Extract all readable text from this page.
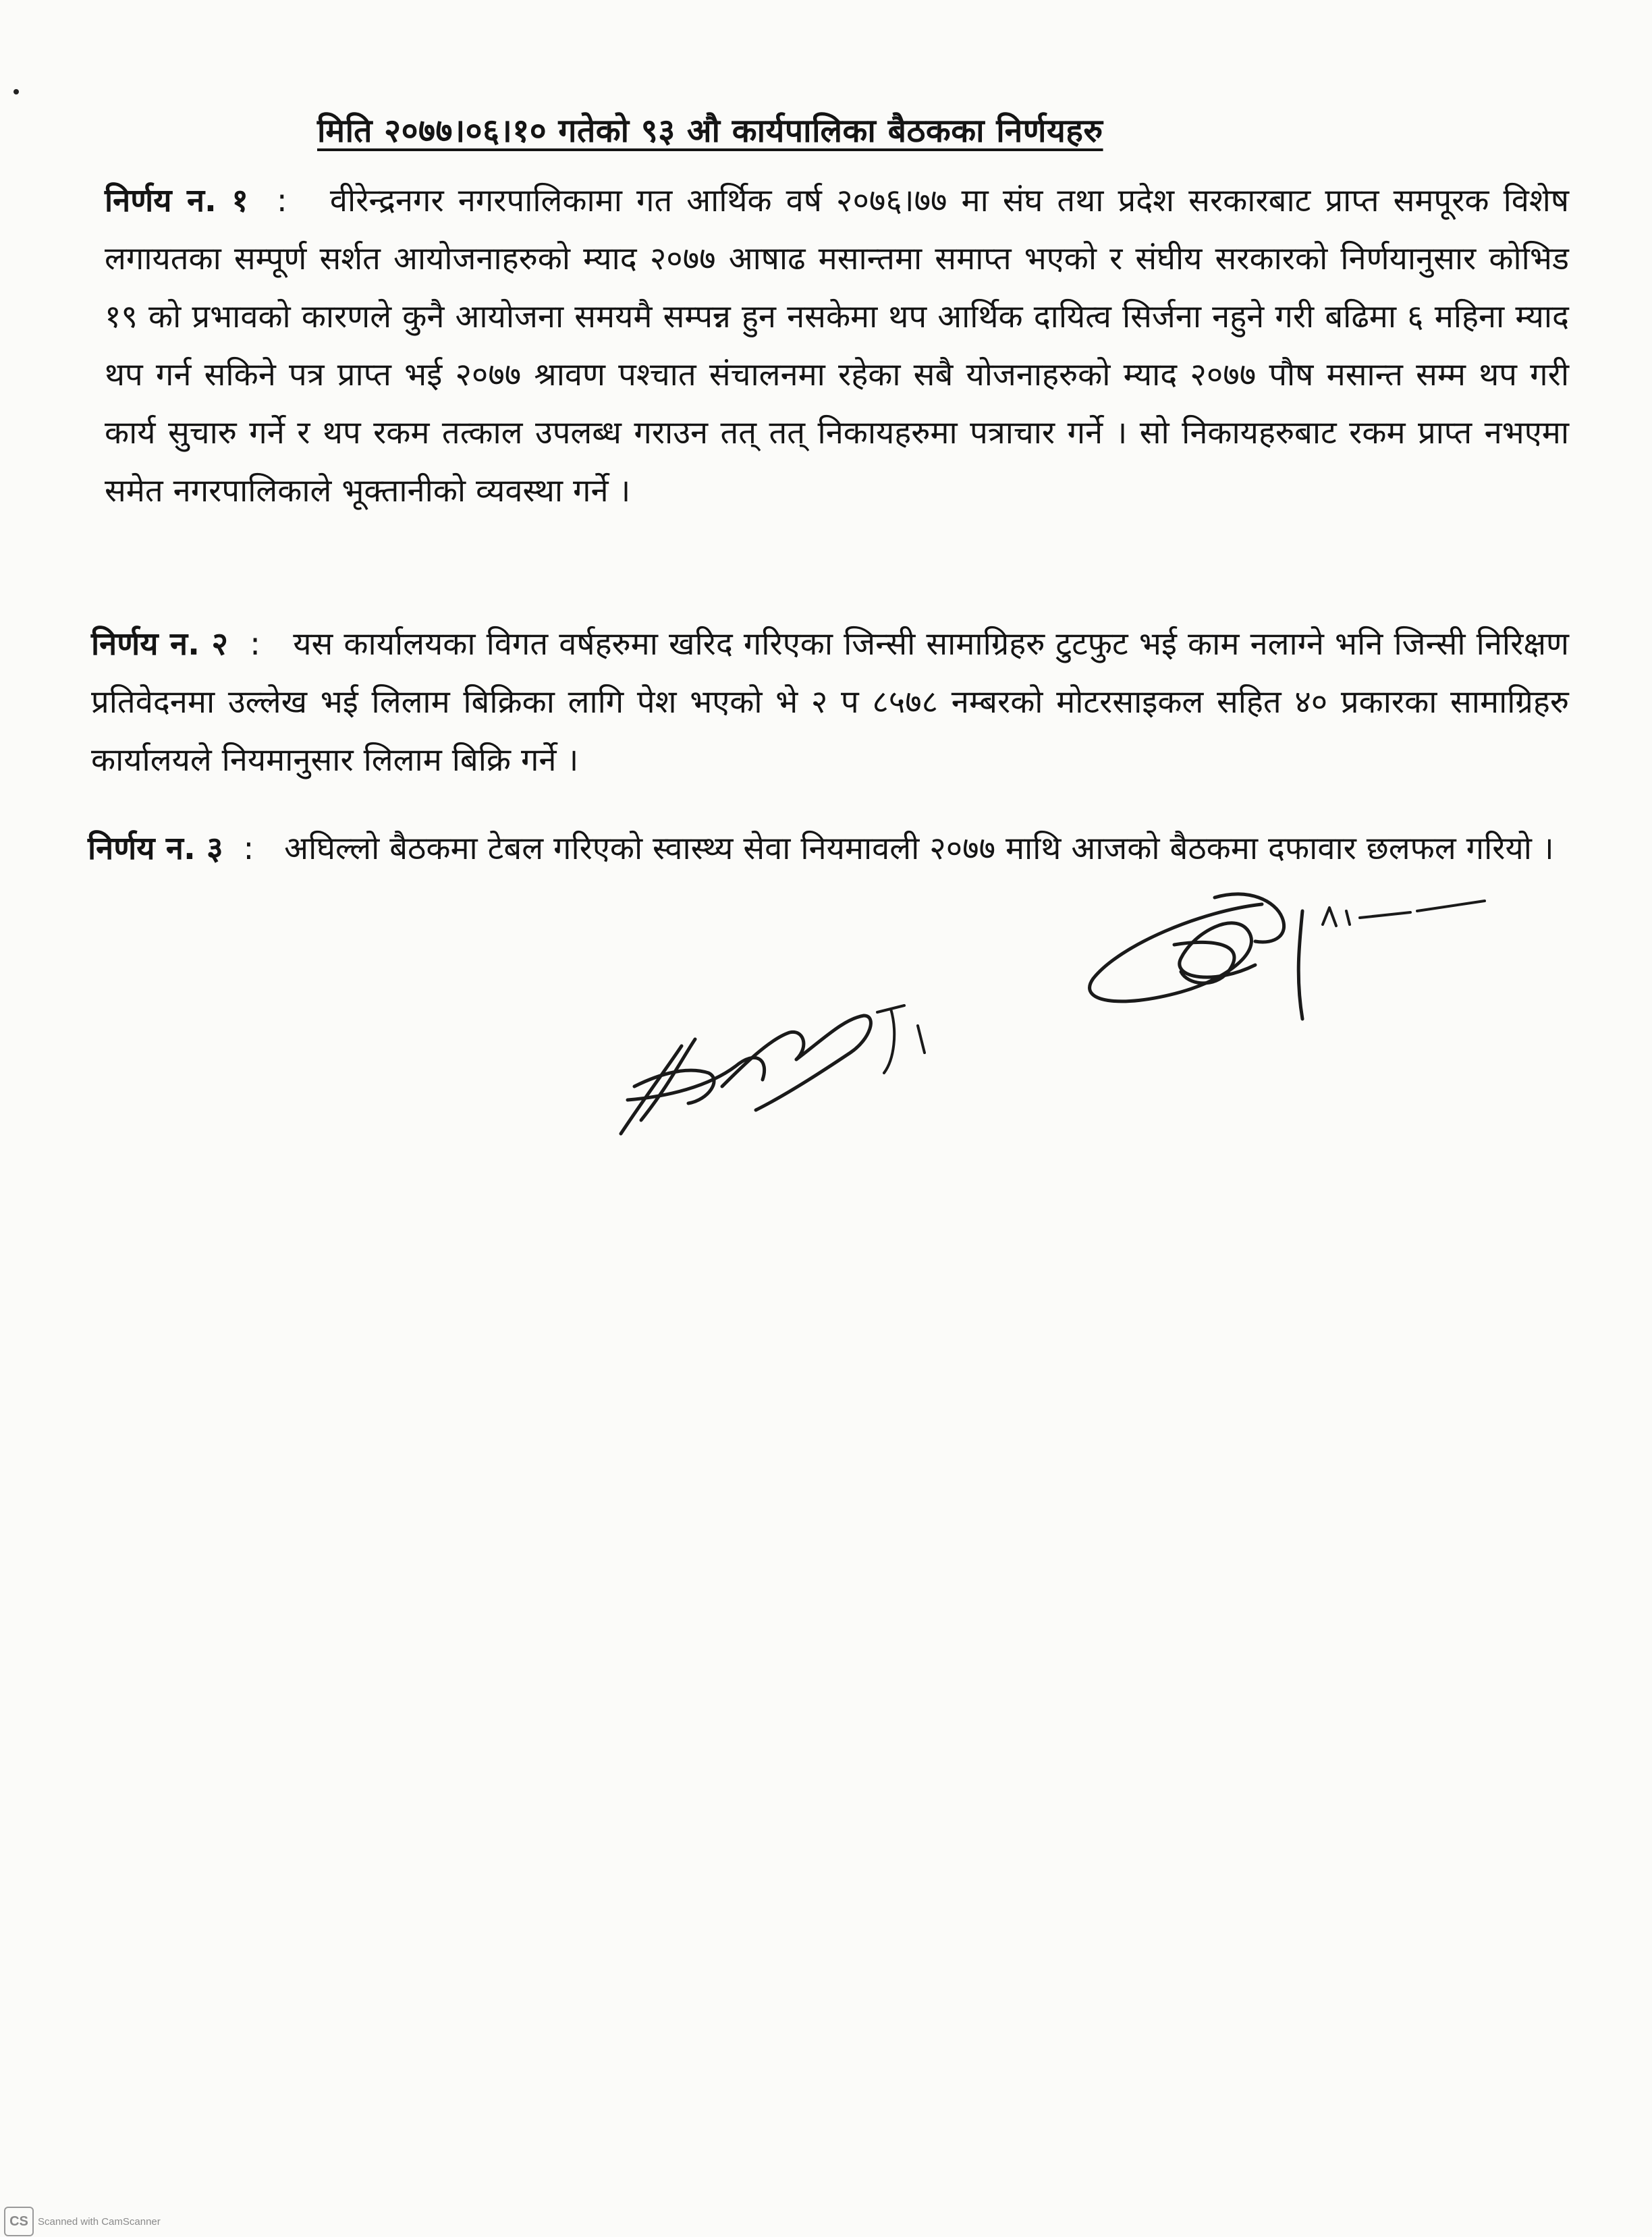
मिति २०७७।०६।१० गतेको ९३ औ कार्यपालिका बैठकका निर्णयहरु

निर्णय न. १  :   वीरेन्द्रनगर नगरपालिकामा गत आर्थिक वर्ष २०७६।७७ मा संघ तथा प्रदेश सरकारबाट प्राप्त समपूरक विशेष लगायतका सम्पूर्ण सर्शत आयोजनाहरुको म्याद २०७७ आषाढ मसान्तमा समाप्त भएको र संघीय सरकारको निर्णयानुसार कोभिड १९ को प्रभावको कारणले कुनै आयोजना समयमै सम्पन्न हुन नसकेमा थप आर्थिक दायित्व सिर्जना नहुने गरी बढिमा ६ महिना म्याद थप गर्न सकिने पत्र प्राप्त भई २०७७ श्रावण पश्चात संचालनमा रहेका सबै योजनाहरुको म्याद २०७७ पौष मसान्त सम्म थप गरी कार्य सुचारु गर्ने र थप रकम तत्काल उपलब्ध गराउन तत् तत् निकायहरुमा पत्राचार गर्ने । सो निकायहरुबाट रकम प्राप्त नभएमा समेत नगरपालिकाले भूक्तानीको व्यवस्था गर्ने ।

निर्णय न. २  :   यस कार्यालयका विगत वर्षहरुमा खरिद गरिएका जिन्सी सामाग्रिहरु टुटफुट भई काम नलाग्ने भनि जिन्सी निरिक्षण प्रतिवेदनमा उल्लेख भई लिलाम बिक्रिका लागि पेश भएको भे २ प ८५७८ नम्बरको मोटरसाइकल सहित ४० प्रकारका सामाग्रिहरु कार्यालयले नियमानुसार लिलाम बिक्रि गर्ने ।

निर्णय न. ३  :   अघिल्लो बैठकमा टेबल गरिएको स्वास्थ्य सेवा नियमावली २०७७ माथि आजको बैठकमा दफावार छलफल गरियो ।

CS Scanned with CamScanner
